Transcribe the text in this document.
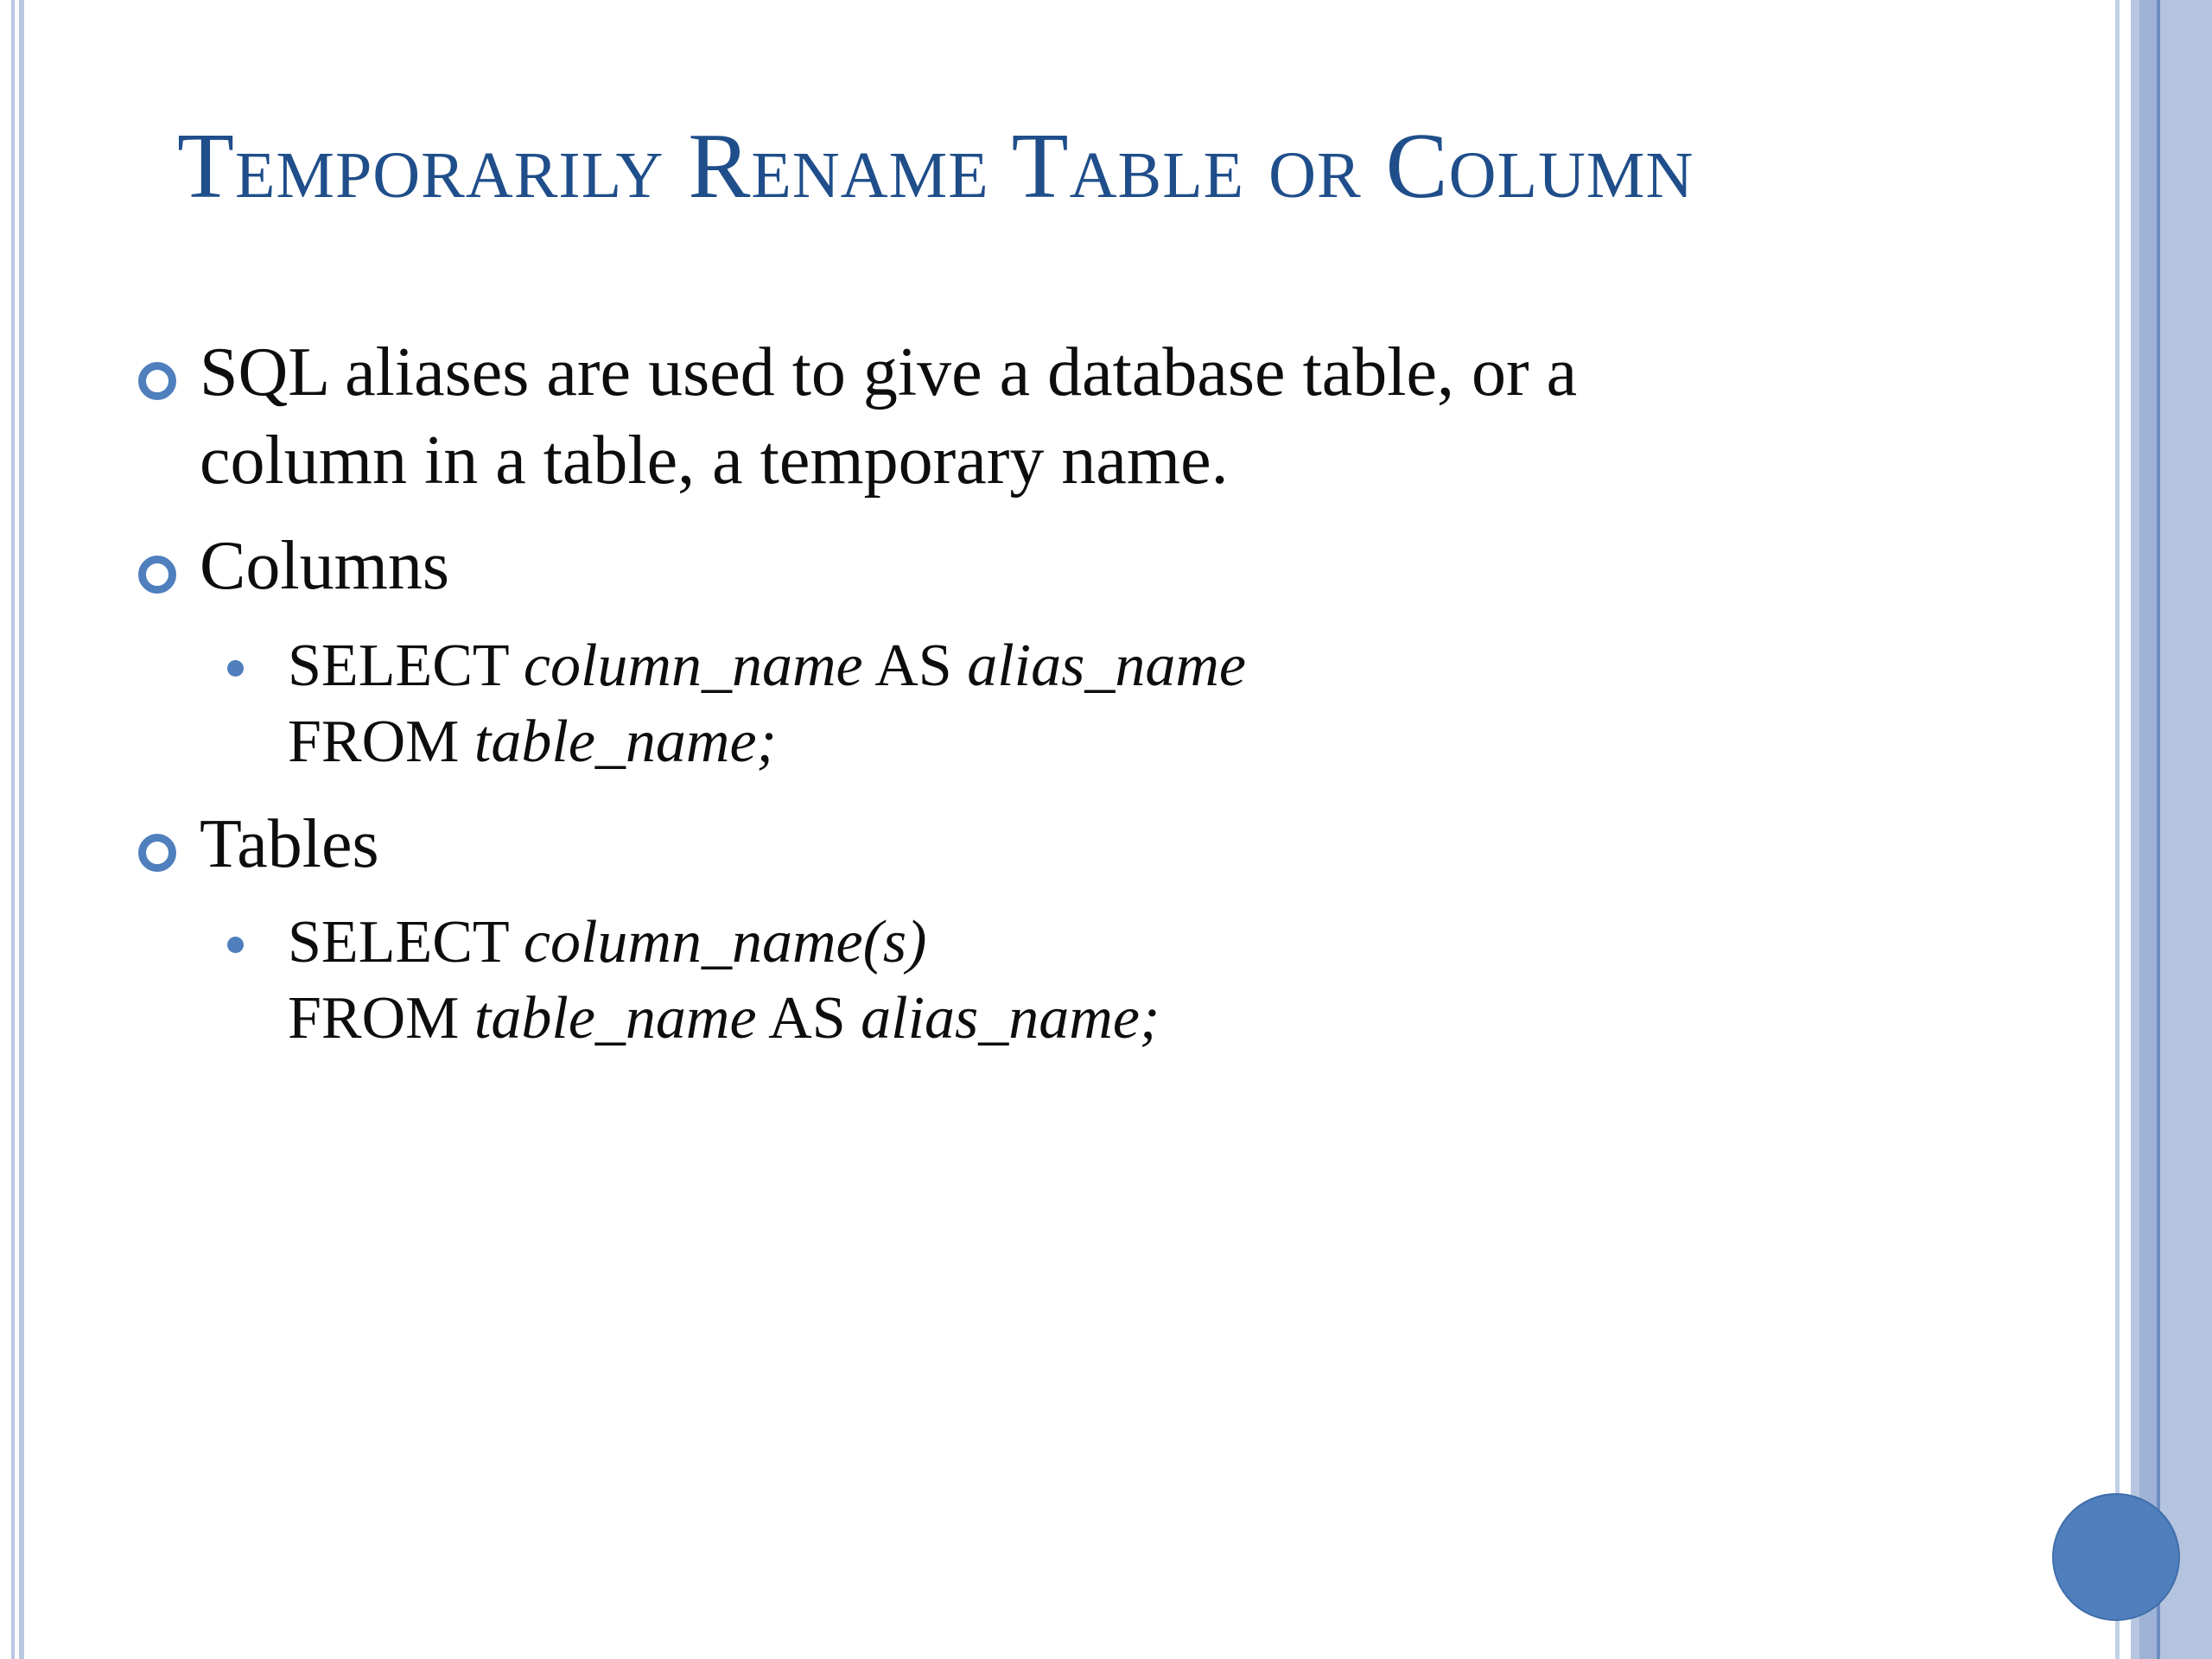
Temporarily Rename Table or Column
SQL aliases are used to give a database table, or a
column in a table, a temporary name.
Columns
SELECT column_name AS alias_name
FROM table_name;
Tables
SELECT column_name(s)
FROM table_name AS alias_name;
